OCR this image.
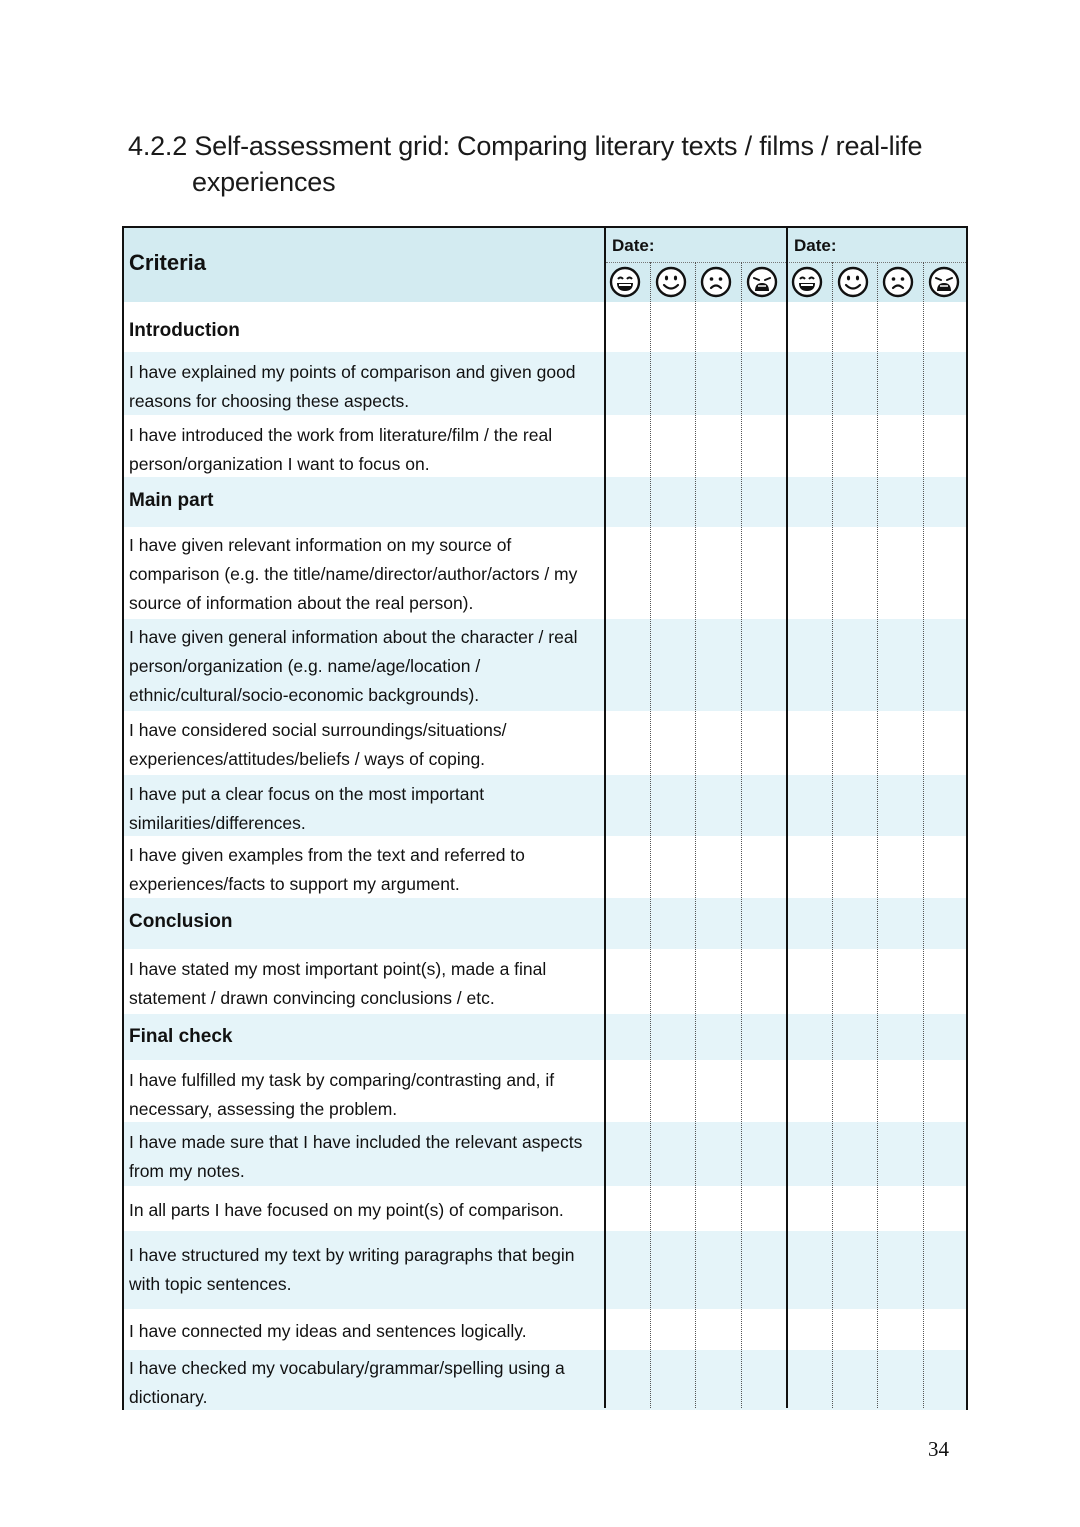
4.2.2 Self-assessment grid: Comparing literary texts / films / real-life
experiences
Criteria
Date:	Date:
Introduction
I have explained my points of comparison and given good reasons for choosing these aspects.
I have introduced the work from literature/film / the real person/organization I want to focus on.
Main part
I have given relevant information on my source of comparison (e.g. the title/name/director/author/actors / my source of information about the real person).
I have given general information about the character / real person/organization (e.g. name/age/location / ethnic/cultural/socio-economic backgrounds).
I have considered social surroundings/situations/ experiences/attitudes/beliefs / ways of coping.
I have put a clear focus on the most important similarities/differences.
I have given examples from the text and referred to experiences/facts to support my argument.
Conclusion
I have stated my most important point(s), made a final statement / drawn convincing conclusions / etc.
Final check
I have fulfilled my task by comparing/contrasting and, if necessary, assessing the problem.
I have made sure that I have included the relevant aspects from my notes.
In all parts I have focused on my point(s) of comparison.
I have structured my text by writing paragraphs that begin with topic sentences.
I have connected my ideas and sentences logically.
I have checked my vocabulary/grammar/spelling using a dictionary.
34
